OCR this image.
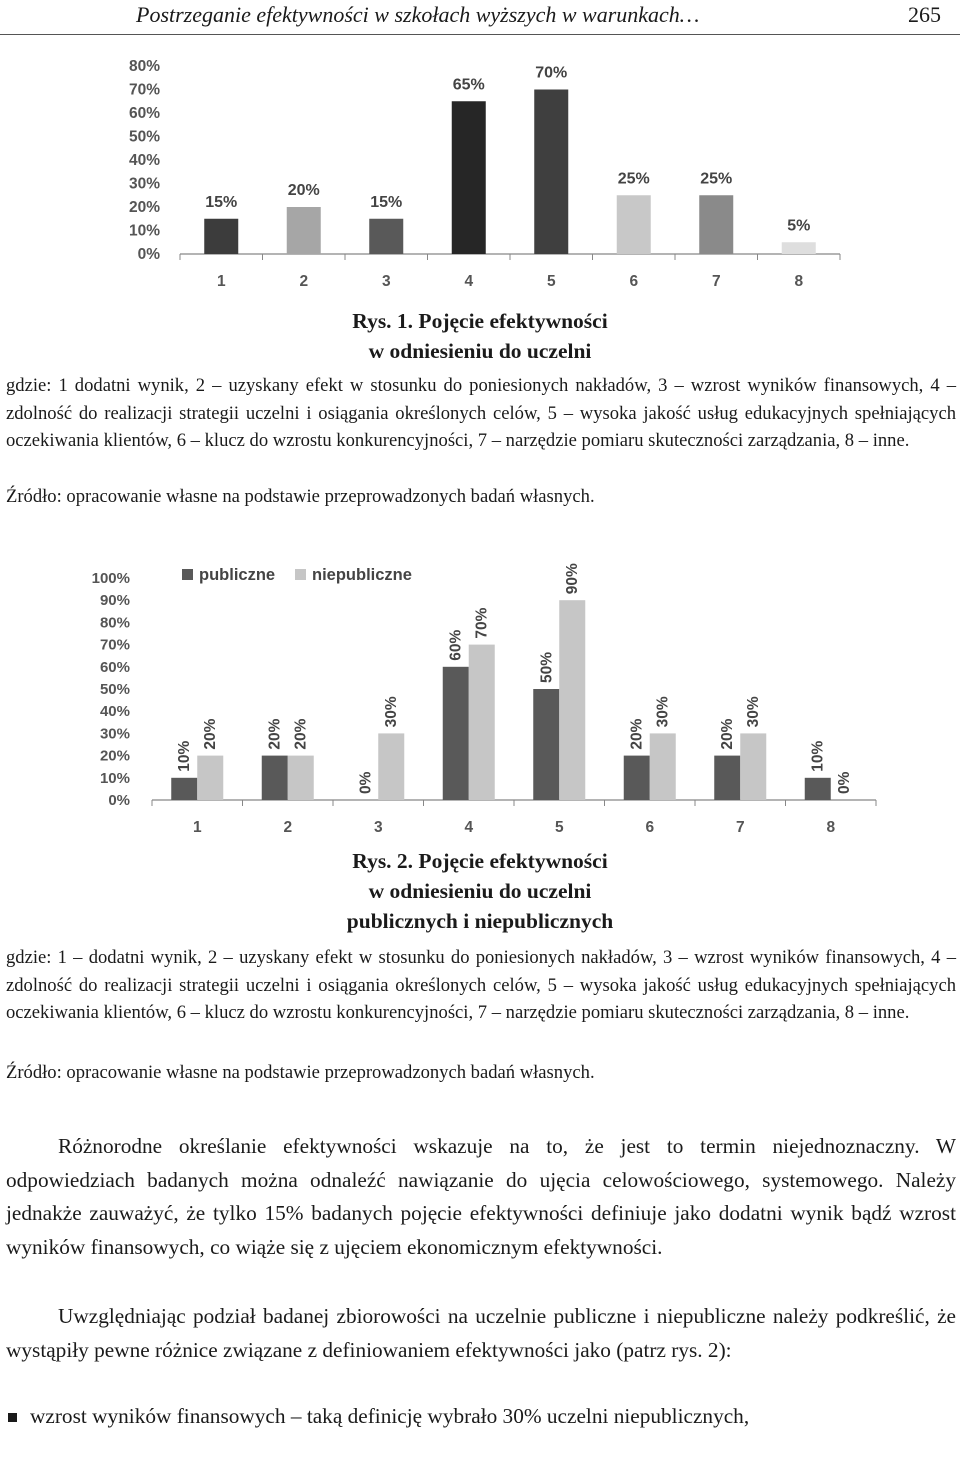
Postrzeganie efektywności w szkołach wyższych w warunkach…	265
0%
10%
20%
30%
40%
50%
60%
70%
80%
15%
1
20%
2
15%
3
65%
4
70%
5
25%
6
25%
7
5%
8
Rys. 1. Pojęcie efektywności
w odniesieniu do uczelni
gdzie: 1 dodatni wynik, 2 – uzyskany efekt w stosunku do poniesionych nakładów, 3 – wzrost wyników finansowych, 4 – zdolność do realizacji strategii uczelni i osiągania określonych celów, 5 – wysoka jakość usług edukacyjnych spełniających oczekiwania klientów, 6 – klucz do wzrostu konkurencyjności, 7 – narzędzie pomiaru skuteczności zarządzania, 8 – inne.
Źródło: opracowanie własne na podstawie przeprowadzonych badań własnych.
0%
10%
20%
30%
40%
50%
60%
70%
80%
90%
100%
10%
20%
1
20% 20%
2
0%
30%
3
60%
70%
4
50%
90%
5
20%
30%
6
20%
30%
7
10%
0%
8
publiczne niepubliczne
Rys. 2. Pojęcie efektywności
w odniesieniu do uczelni
publicznych i niepublicznych
gdzie: 1 – dodatni wynik, 2 – uzyskany efekt w stosunku do poniesionych nakładów, 3 – wzrost wyników finansowych, 4 – zdolność do realizacji strategii uczelni i osiągania określonych celów, 5 – wysoka jakość usług edukacyjnych spełniających oczekiwania klientów, 6 – klucz do wzrostu konkurencyjności, 7 – narzędzie pomiaru skuteczności zarządzania, 8 – inne.
Źródło: opracowanie własne na podstawie przeprowadzonych badań własnych.
Różnorodne określanie efektywności wskazuje na to, że jest to termin niejednoznaczny. W odpowiedziach badanych można odnaleźć nawiązanie do ujęcia celowościowego, systemowego. Należy jednakże zauważyć, że tylko 15% badanych pojęcie efektywności definiuje jako dodatni wynik bądź wzrost wyników finansowych, co wiąże się z ujęciem ekonomicznym efektywności.
Uwzględniając podział badanej zbiorowości na uczelnie publiczne i niepubliczne należy podkreślić, że wystąpiły pewne różnice związane z definiowaniem efektywności jako (patrz rys. 2):
wzrost wyników finansowych – taką definicję wybrało 30% uczelni niepublicznych,
